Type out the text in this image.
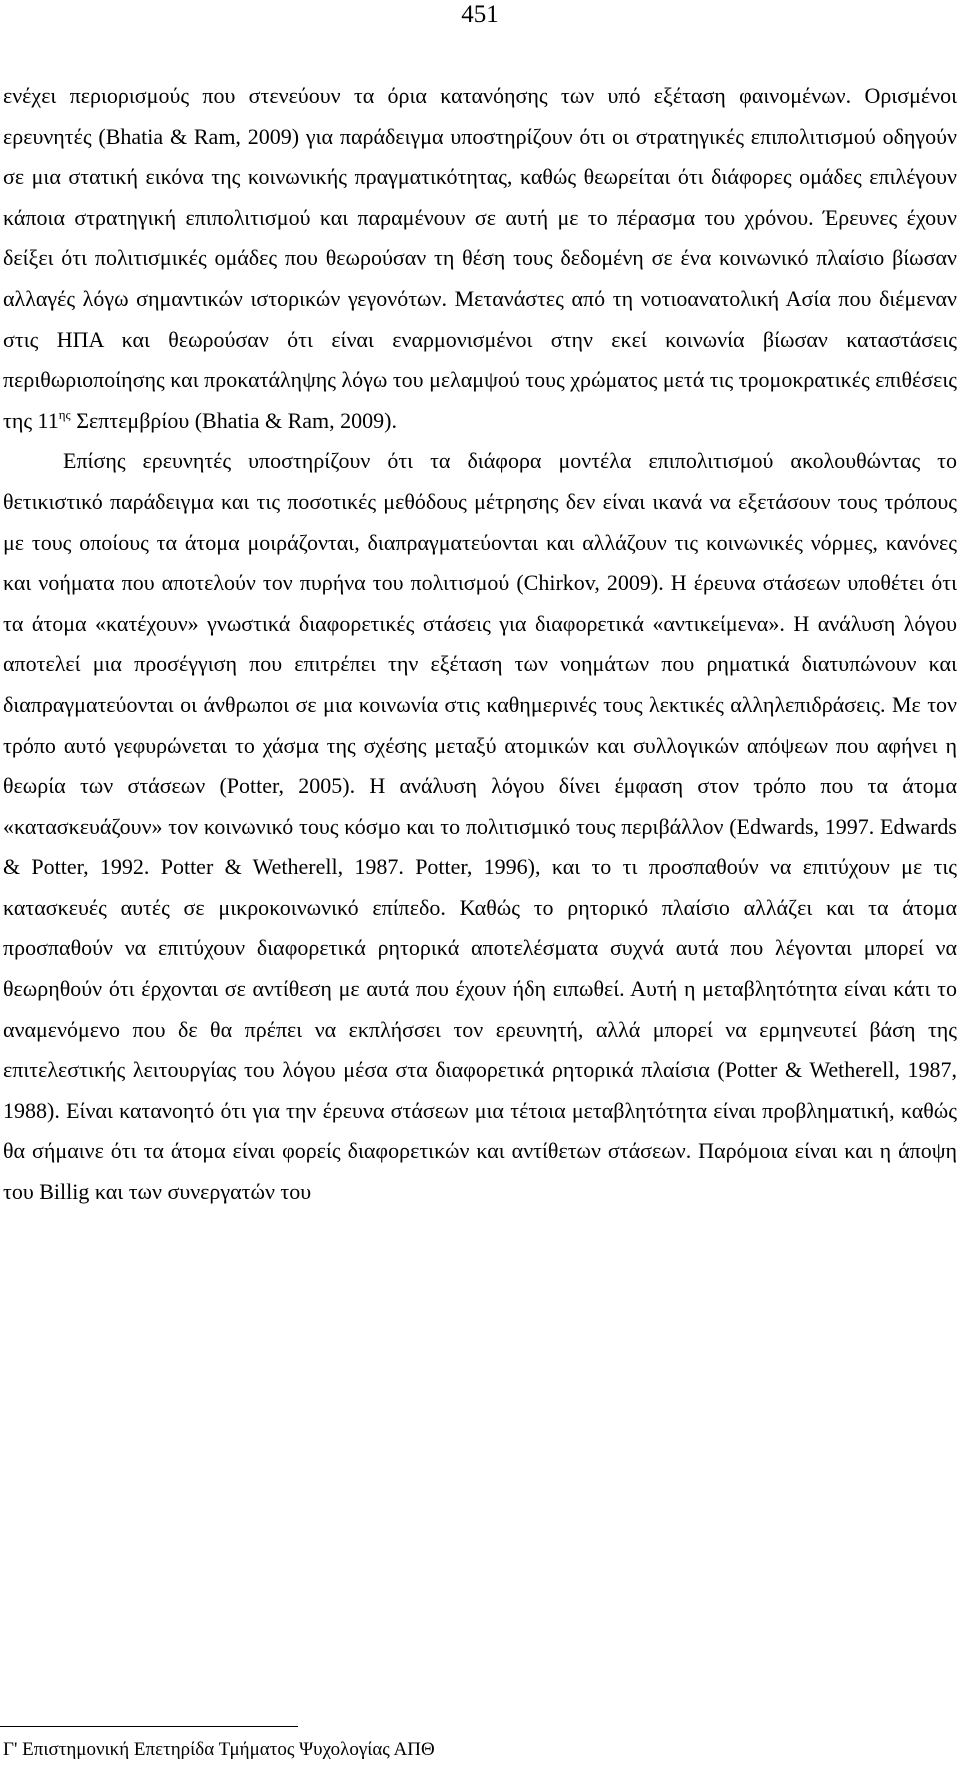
451

ενέχει περιορισμούς που στενεύουν τα όρια κατανόησης των υπό εξέταση φαινομένων. Ορισμένοι ερευνητές (Bhatia & Ram, 2009) για παράδειγμα υποστηρίζουν ότι οι στρατηγικές επιπολιτισμού οδηγούν σε μια στατική εικόνα της κοινωνικής πραγματικότητας, καθώς θεωρείται ότι διάφορες ομάδες επιλέγουν κάποια στρατηγική επιπολιτισμού και παραμένουν σε αυτή με το πέρασμα του χρόνου. Έρευνες έχουν δείξει ότι πολιτισμικές ομάδες που θεωρούσαν τη θέση τους δεδομένη σε ένα κοινωνικό πλαίσιο βίωσαν αλλαγές λόγω σημαντικών ιστορικών γεγονότων. Μετανάστες από τη νοτιοανατολική Ασία που διέμεναν στις ΗΠΑ και θεωρούσαν ότι είναι εναρμονισμένοι στην εκεί κοινωνία βίωσαν καταστάσεις περιθωριοποίησης και προκατάληψης λόγω του μελαμψού τους χρώματος μετά τις τρομοκρατικές επιθέσεις της $11^{\eta\varsigma}$ Σεπτεμβρίου (Bhatia & Ram, 2009).

Επίσης ερευνητές υποστηρίζουν ότι τα διάφορα μοντέλα επιπολιτισμού ακολουθώντας το θετικιστικό παράδειγμα και τις ποσοτικές μεθόδους μέτρησης δεν είναι ικανά να εξετάσουν τους τρόπους με τους οποίους τα άτομα μοιράζονται, διαπραγματεύονται και αλλάζουν τις κοινωνικές νόρμες, κανόνες και νοήματα που αποτελούν τον πυρήνα του πολιτισμού (Chirkov, 2009). Η έρευνα στάσεων υποθέτει ότι τα άτομα «κατέχουν» γνωστικά διαφορετικές στάσεις για διαφορετικά «αντικείμενα». Η ανάλυση λόγου αποτελεί μια προσέγγιση που επιτρέπει την εξέταση των νοημάτων που ρηματικά διατυπώνουν και διαπραγματεύονται οι άνθρωποι σε μια κοινωνία στις καθημερινές τους λεκτικές αλληλεπιδράσεις. Με τον τρόπο αυτό γεφυρώνεται το χάσμα της σχέσης μεταξύ ατομικών και συλλογικών απόψεων που αφήνει η θεωρία των στάσεων (Potter, 2005). Η ανάλυση λόγου δίνει έμφαση στον τρόπο που τα άτομα «κατασκευάζουν» τον κοινωνικό τους κόσμο και το πολιτισμικό τους περιβάλλον (Edwards, 1997. Edwards & Potter, 1992. Potter & Wetherell, 1987. Potter, 1996), και το τι προσπαθούν να επιτύχουν με τις κατασκευές αυτές σε μικροκοινωνικό επίπεδο. Καθώς το ρητορικό πλαίσιο αλλάζει και τα άτομα προσπαθούν να επιτύχουν διαφορετικά ρητορικά αποτελέσματα συχνά αυτά που λέγονται μπορεί να θεωρηθούν ότι έρχονται σε αντίθεση με αυτά που έχουν ήδη ειπωθεί. Αυτή η μεταβλητότητα είναι κάτι το αναμενόμενο που δε θα πρέπει να εκπλήσσει τον ερευνητή, αλλά μπορεί να ερμηνευτεί βάση της επιτελεστικής λειτουργίας του λόγου μέσα στα διαφορετικά ρητορικά πλαίσια (Potter & Wetherell, 1987, 1988). Είναι κατανοητό ότι για την έρευνα στάσεων μια τέτοια μεταβλητότητα είναι προβληματική, καθώς θα σήμαινε ότι τα άτομα είναι φορείς διαφορετικών και αντίθετων στάσεων. Παρόμοια είναι και η άποψη του Billig και των συνεργατών του

Γ' Επιστημονική Επετηρίδα Τμήματος Ψυχολογίας ΑΠΘ
